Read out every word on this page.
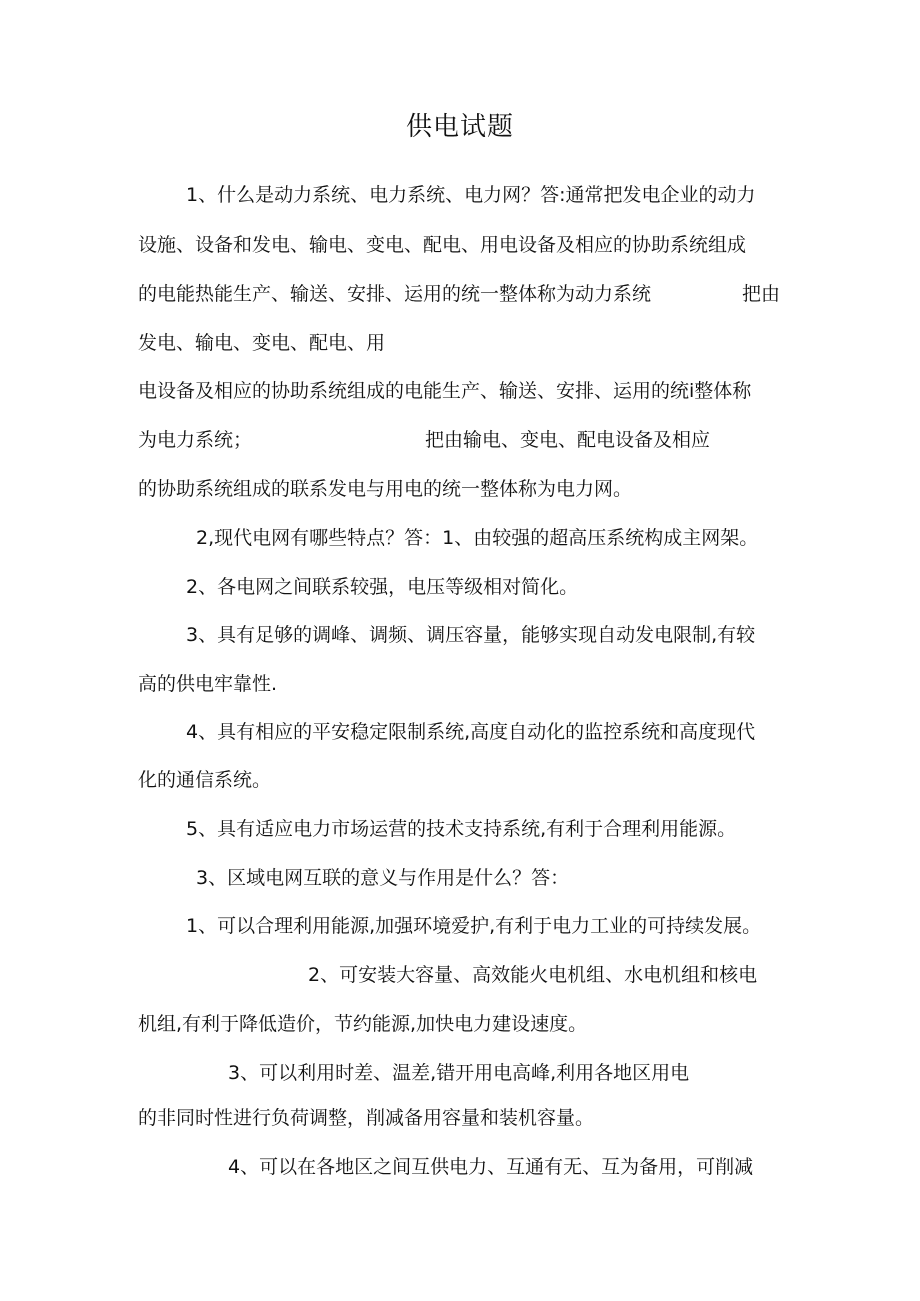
供电试题
1、什么是动力系统、电力系统、电力网？答:通常把发电企业的动力
设施、设备和发电、输电、变电、配电、用电设备及相应的协助系统组成
的电能热能生产、输送、安排、运用的统一整体称为动力系统	把由
发电、输电、变电、配电、用
电设备及相应的协助系统组成的电能生产、输送、安排、运用的统i整体称
为电力系统；	把由输电、变电、配电设备及相应
的协助系统组成的联系发电与用电的统一整体称为电力网。
2,现代电网有哪些特点？答：1、由较强的超高压系统构成主网架。
2、各电网之间联系较强，电压等级相对简化。
3、具有足够的调峰、调频、调压容量，能够实现自动发电限制,有较
高的供电牢靠性.
4、具有相应的平安稳定限制系统,高度自动化的监控系统和高度现代
化的通信系统。
5、具有适应电力市场运营的技术支持系统,有利于合理利用能源。
3、区域电网互联的意义与作用是什么？答：
1、可以合理利用能源,加强环境爱护,有利于电力工业的可持续发展。
2、可安装大容量、高效能火电机组、水电机组和核电
机组,有利于降低造价，节约能源,加快电力建设速度。
3、可以利用时差、温差,错开用电高峰,利用各地区用电
的非同时性进行负荷调整，削减备用容量和装机容量。
4、可以在各地区之间互供电力、互通有无、互为备用，可削减
